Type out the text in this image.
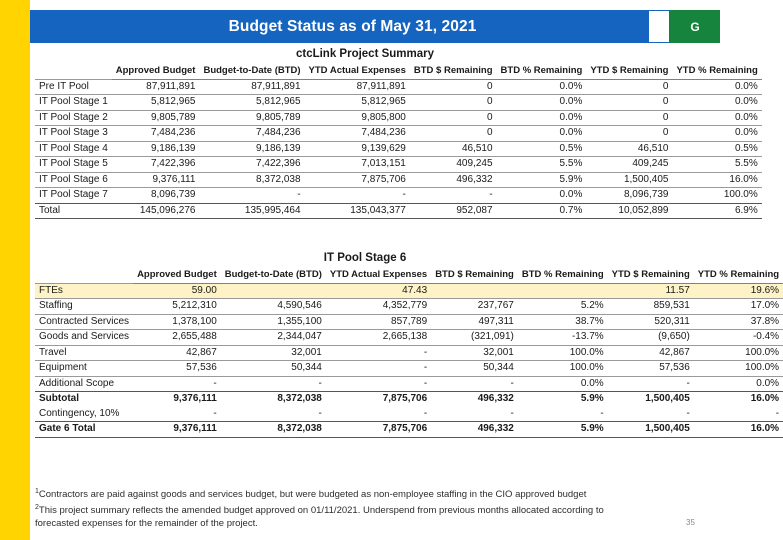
Budget Status as of May 31, 2021	G
ctcLink Project Summary
	Approved Budget	Budget-to-Date (BTD)	YTD Actual Expenses	BTD $ Remaining	BTD % Remaining	YTD $ Remaining	YTD % Remaining
Pre IT Pool	87,911,891	87,911,891	87,911,891	0	0.0%	0	0.0%
IT Pool Stage 1	5,812,965	5,812,965	5,812,965	0	0.0%	0	0.0%
IT Pool Stage 2	9,805,789	9,805,789	9,805,800	0	0.0%	0	0.0%
IT Pool Stage 3	7,484,236	7,484,236	7,484,236	0	0.0%	0	0.0%
IT Pool Stage 4	9,186,139	9,186,139	9,139,629	46,510	0.5%	46,510	0.5%
IT Pool Stage 5	7,422,396	7,422,396	7,013,151	409,245	5.5%	409,245	5.5%
IT Pool Stage 6	9,376,111	8,372,038	7,875,706	496,332	5.9%	1,500,405	16.0%
IT Pool Stage 7	8,096,739	-	-	-	0.0%	8,096,739	100.0%
Total	145,096,276	135,995,464	135,043,377	952,087	0.7%	10,052,899	6.9%
IT Pool Stage 6
	Approved Budget	Budget-to-Date (BTD)	YTD Actual Expenses	BTD $ Remaining	BTD % Remaining	YTD $ Remaining	YTD % Remaining
FTEs	59.00		47.43			11.57	19.6%
Staffing	5,212,310	4,590,546	4,352,779	237,767	5.2%	859,531	17.0%
Contracted Services	1,378,100	1,355,100	857,789	497,311	38.7%	520,311	37.8%
Goods and Services	2,655,488	2,344,047	2,665,138	(321,091)	-13.7%	(9,650)	-0.4%
Travel	42,867	32,001	-	32,001	100.0%	42,867	100.0%
Equipment	57,536	50,344	-	50,344	100.0%	57,536	100.0%
Additional Scope	-	-	-	-	0.0%	-	0.0%
Subtotal	9,376,111	8,372,038	7,875,706	496,332	5.9%	1,500,405	16.0%
Contingency, 10%	-	-	-	-	-	-	-
Gate 6 Total	9,376,111	8,372,038	7,875,706	496,332	5.9%	1,500,405	16.0%
$^1$Contractors are paid against goods and services budget, but were budgeted as non-employee staffing in the CIO approved budget
$^2$This project summary reflects the amended budget approved on 01/11/2021. Underspend from previous months allocated according to
forecasted expenses for the remainder of the project.	35
